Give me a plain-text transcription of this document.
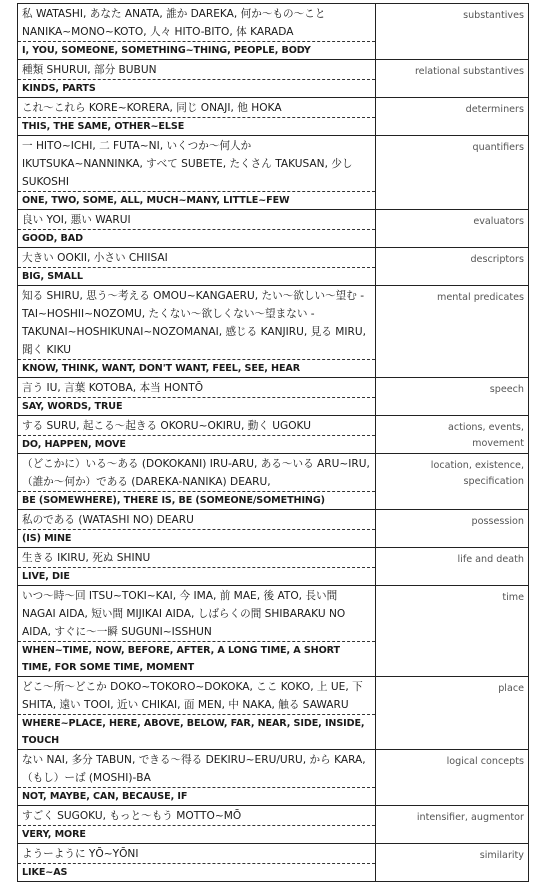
私 WATASHI, あなた ANATA, 誰か DAREKA, 何か〜もの〜こと NANIKA~MONO~KOTO, 人々 HITO-BITO, 体 KARADA
I, YOU, SOMEONE, SOMETHING~THING, PEOPLE, BODY
substantives
種類 SHURUI, 部分 BUBUN
KINDS, PARTS
relational substantives
これ〜これら KORE~KORERA, 同じ ONAJI, 他 HOKA
THIS, THE SAME, OTHER~ELSE
determiners
一 HITO~ICHI, 二 FUTA~NI, いくつか〜何人か IKUTSUKA~NANNINKA, すべて SUBETE, たくさん TAKUSAN, 少し SUKOSHI
ONE, TWO, SOME, ALL, MUCH~MANY, LITTLE~FEW
quantifiers
良い YOI, 悪い WARUI
GOOD, BAD
evaluators
大きい OOKII, 小さい CHIISAI
BIG, SMALL
descriptors
知る SHIRU, 思う〜考える OMOU~KANGAERU, たい〜欲しい〜望む -TAI~HOSHII~NOZOMU, たくない〜欲しくない〜望まない -TAKUNAI~HOSHIKUNAI~NOZOMANAI, 感じる KANJIRU, 見る MIRU, 聞く KIKU
KNOW, THINK, WANT, DON'T WANT, FEEL, SEE, HEAR
mental predicates
言う IU, 言葉 KOTOBA, 本当 HONTŌ
SAY, WORDS, TRUE
speech
する SURU, 起こる〜起きる OKORU~OKIRU, 動く UGOKU
DO, HAPPEN, MOVE
actions, events, movement
（どこかに）いる〜ある (DOKOKANI) IRU-ARU, ある〜いる ARU~IRU, （誰か〜何か）である (DAREKA-NANIKA) DEARU,
BE (SOMEWHERE), THERE IS, BE (SOMEONE/SOMETHING)
location, existence, specification
私のである (WATASHI NO) DEARU
(IS) MINE
possession
生きる IKIRU, 死ぬ SHINU
LIVE, DIE
life and death
いつ〜時〜回 ITSU~TOKI~KAI, 今 IMA, 前 MAE, 後 ATO, 長い間 NAGAI AIDA, 短い間 MIJIKAI AIDA, しばらくの間 SHIBARAKU NO AIDA, すぐに〜一瞬 SUGUNI~ISSHUN
WHEN~TIME, NOW, BEFORE, AFTER, A LONG TIME, A SHORT TIME, FOR SOME TIME, MOMENT
time
どこ〜所〜どこか DOKO~TOKORO~DOKOKA, ここ KOKO, 上 UE, 下 SHITA, 遠い TOOI, 近い CHIKAI, 面 MEN, 中 NAKA, 触る SAWARU
WHERE~PLACE, HERE, ABOVE, BELOW, FAR, NEAR, SIDE, INSIDE, TOUCH
place
ない NAI, 多分 TABUN, できる〜得る DEKIRU~ERU/URU, から KARA, （もし）ーば (MOSHI)-BA
NOT, MAYBE, CAN, BECAUSE, IF
logical concepts
すごく SUGOKU, もっと〜もう MOTTO~MŌ
VERY, MORE
intensifier, augmentor
ようーように YŌ~YŌNI
LIKE~AS
similarity
